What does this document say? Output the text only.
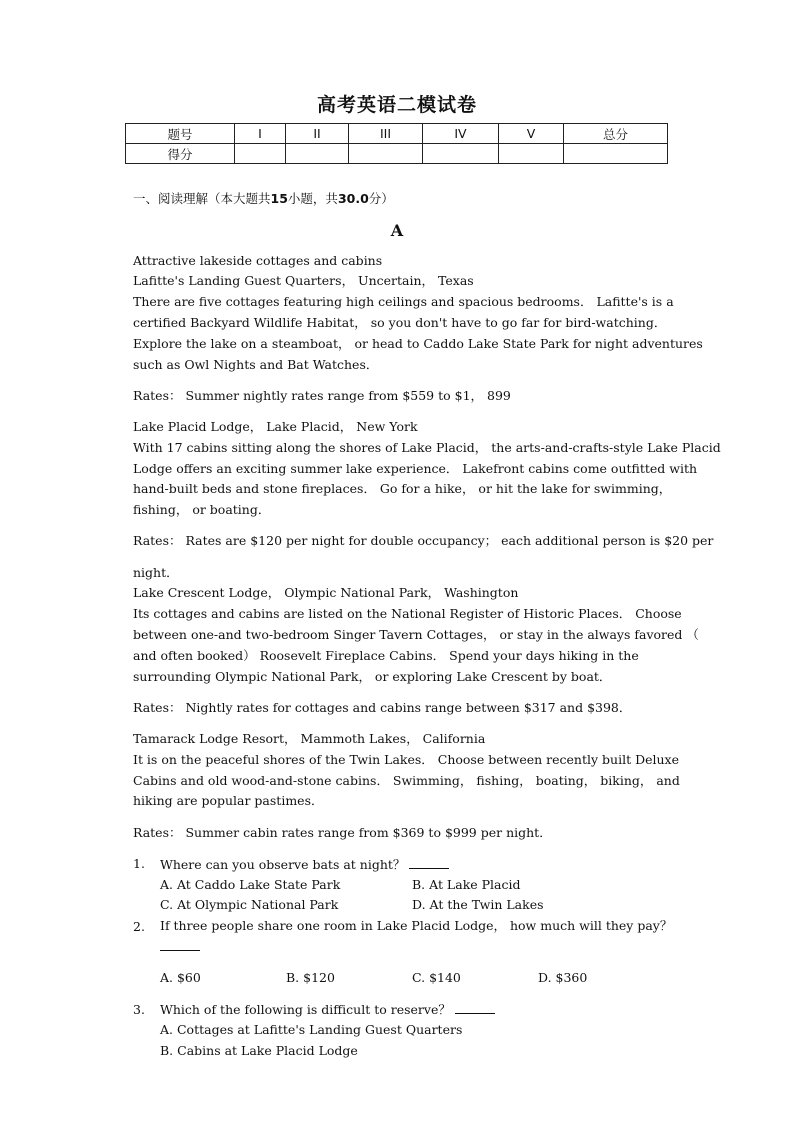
高考英语二模试卷
题号	I	II	III	IV	V	总分
得分						
一、阅读理解（本大题共15小题，共30.0分）
A
Attractive lakeside cottages and cabins
Lafitte's Landing Guest Quarters， Uncertain， Texas
There are five cottages featuring high ceilings and spacious bedrooms． Lafitte's is a
certified Backyard Wildlife Habitat， so you don't have to go far for bird-watching．
Explore the lake on a steamboat， or head to Caddo Lake State Park for night adventures
such as Owl Nights and Bat Watches．
Rates： Summer nightly rates range from $559 to $1， 899
Lake Placid Lodge， Lake Placid， New York
With 17 cabins sitting along the shores of Lake Placid， the arts-and-crafts-style Lake Placid
Lodge offers an exciting summer lake experience． Lakefront cabins come outfitted with
hand-built beds and stone fireplaces． Go for a hike， or hit the lake for swimming，
fishing， or boating．
Rates： Rates are $120 per night for double occupancy； each additional person is $20 per
night．
Lake Crescent Lodge， Olympic National Park， Washington
Its cottages and cabins are listed on the National Register of Historic Places． Choose
between one-and two-bedroom Singer Tavern Cottages， or stay in the always favored （
and often booked） Roosevelt Fireplace Cabins． Spend your days hiking in the
surrounding Olympic National Park， or exploring Lake Crescent by boat．
Rates： Nightly rates for cottages and cabins range between $317 and $398．
Tamarack Lodge Resort， Mammoth Lakes， California
It is on the peaceful shores of the Twin Lakes． Choose between recently built Deluxe
Cabins and old wood-and-stone cabins． Swimming， fishing， boating， biking， and
hiking are popular pastimes．
Rates： Summer cabin rates range from $369 to $999 per night．
1. Where can you observe bats at night？
A. At Caddo Lake State Park	B. At Lake Placid
C. At Olympic National Park	D. At the Twin Lakes
2. If three people share one room in Lake Placid Lodge， how much will they pay？
A. $60	B. $120	C. $140	D. $360
3. Which of the following is difficult to reserve？
A. Cottages at Lafitte's Landing Guest Quarters
B. Cabins at Lake Placid Lodge
